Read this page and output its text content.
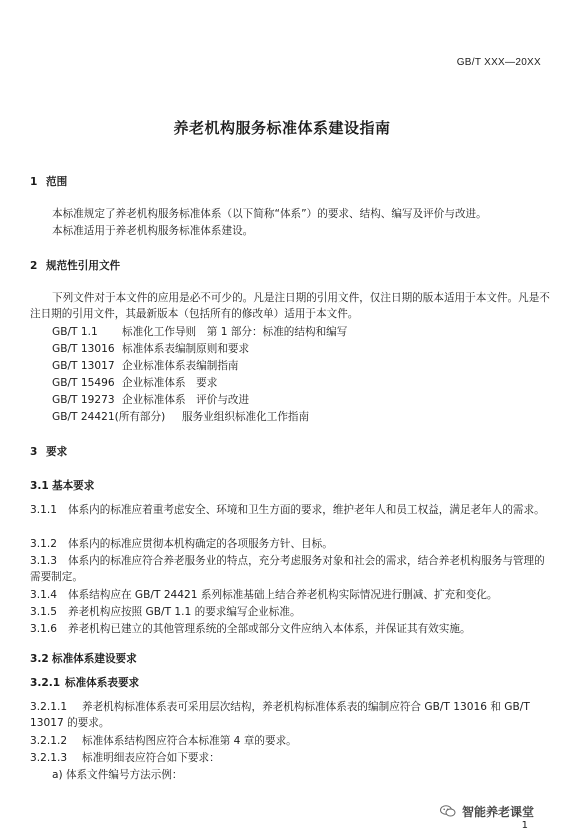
GB/T XXX—20XX
养老机构服务标准体系建设指南
1 范围
本标准规定了养老机构服务标准体系（以下简称“体系”）的要求、结构、编写及评价与改进。
本标准适用于养老机构服务标准体系建设。
2 规范性引用文件
下列文件对于本文件的应用是必不可少的。凡是注日期的引用文件，仅注日期的版本适用于本文件。凡是不注日期的引用文件，其最新版本（包括所有的修改单）适用于本文件。
GB/T 1.1 标准化工作导则　第 1 部分：标准的结构和编写
GB/T 13016 标准体系表编制原则和要求
GB/T 13017 企业标准体系表编制指南
GB/T 15496 企业标准体系　要求
GB/T 19273 企业标准体系　评价与改进
GB/T 24421(所有部分) 服务业组织标准化工作指南
3 要求
3.1 基本要求
3.1.1 体系内的标准应着重考虑安全、环境和卫生方面的要求，维护老年人和员工权益，满足老年人的需求。
3.1.2 体系内的标准应贯彻本机构确定的各项服务方针、目标。
3.1.3 体系内的标准应符合养老服务业的特点，充分考虑服务对象和社会的需求，结合养老机构服务与管理的需要制定。
3.1.4 体系结构应在 GB/T 24421 系列标准基础上结合养老机构实际情况进行删减、扩充和变化。
3.1.5 养老机构应按照 GB/T 1.1 的要求编写企业标准。
3.1.6 养老机构已建立的其他管理系统的全部或部分文件应纳入本体系，并保证其有效实施。
3.2 标准体系建设要求
3.2.1 标准体系表要求
3.2.1.1 养老机构标准体系表可采用层次结构，养老机构标准体系表的编制应符合 GB/T 13016 和 GB/T 13017 的要求。
3.2.1.2 标准体系结构图应符合本标准第 4 章的要求。
3.2.1.3 标准明细表应符合如下要求：
a) 体系文件编号方法示例：
智能养老课堂
1
